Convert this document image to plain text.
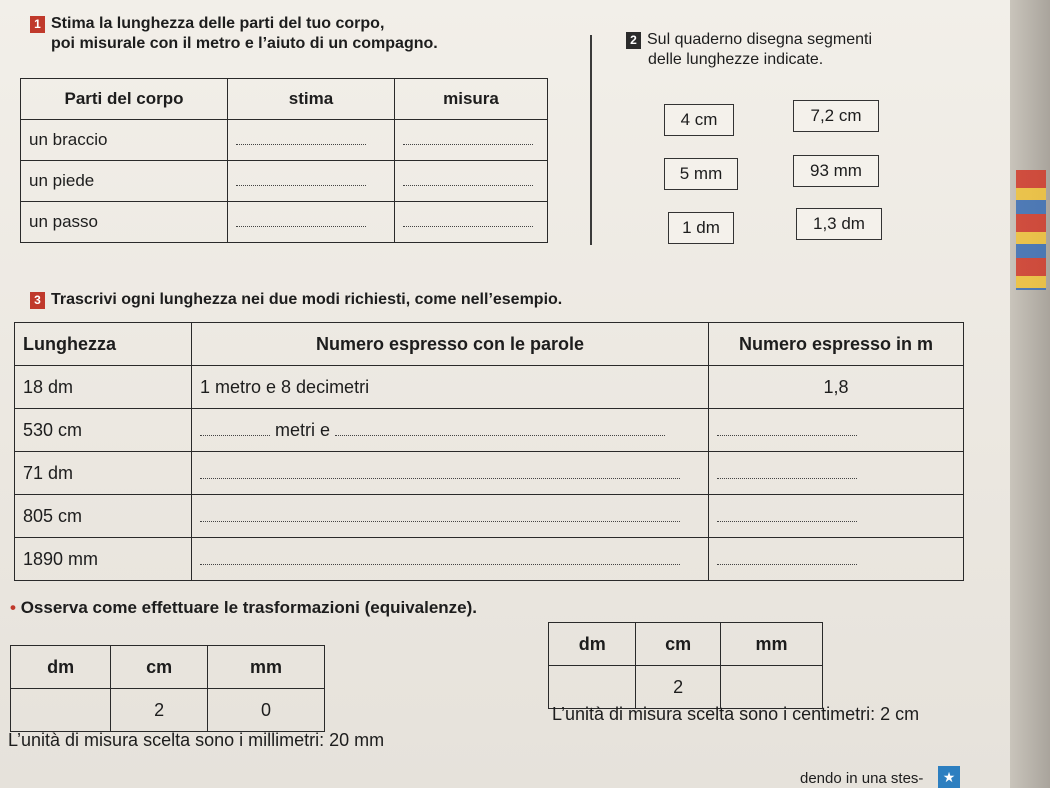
1 Stima la lunghezza delle parti del tuo corpo,
poi misurale con il metro e l’aiuto di un compagno.
Parti del corpo	stima	misura
un braccio		
un piede		
un passo		
2 Sul quaderno disegna segmenti
delle lunghezze indicate.
4 cm	7,2 cm
5 mm	93 mm
1 dm	1,3 dm
3 Trascrivi ogni lunghezza nei due modi richiesti, come nell’esempio.
Lunghezza	Numero espresso con le parole	Numero espresso in m
18 dm	1 metro e 8 decimetri	1,8
530 cm	metri e	
71 dm		
805 cm		
1890 mm		
• Osserva come effettuare le trasformazioni (equivalenze).
dm	cm	mm
	2	0
L’unità di misura scelta sono i millimetri: 20 mm
dm	cm	mm
	2	
L’unità di misura scelta sono i centimetri: 2 cm
dendo in una stes-	★
